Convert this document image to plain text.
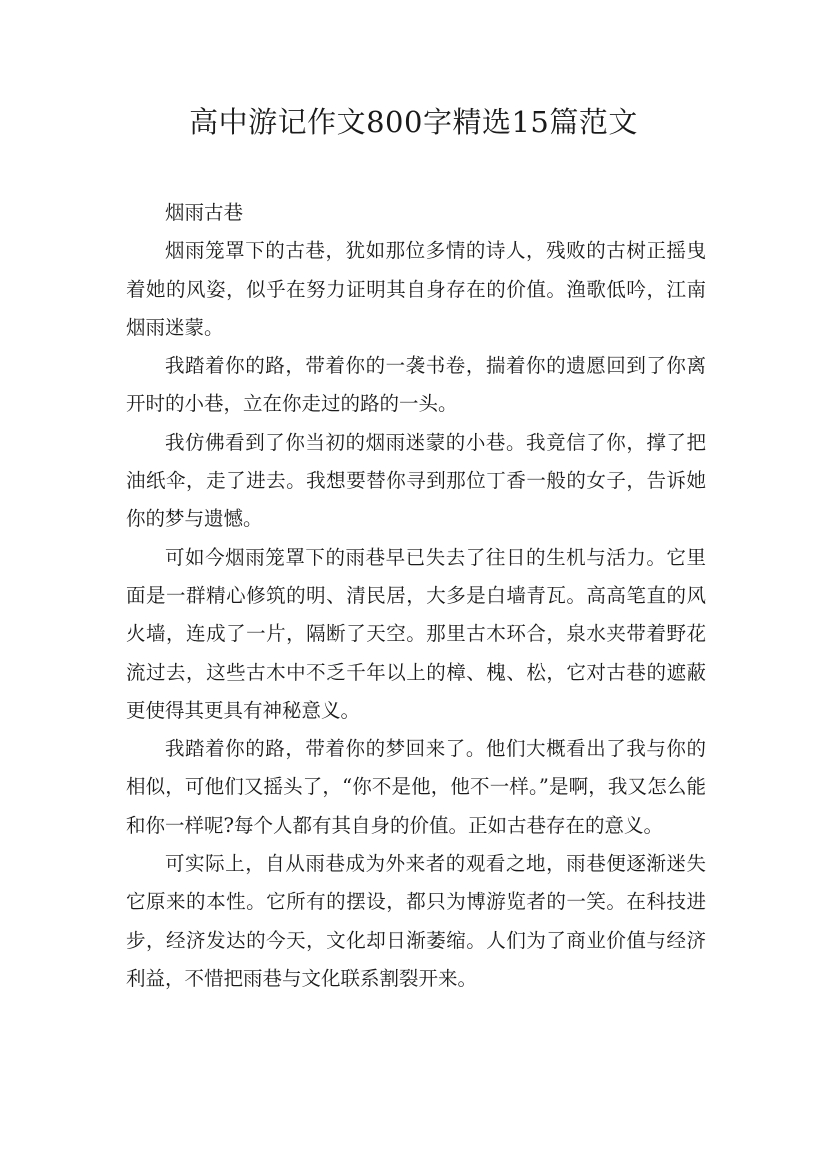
高中游记作文800字精选15篇范文

烟雨古巷

烟雨笼罩下的古巷，犹如那位多情的诗人，残败的古树正摇曳着她的风姿，似乎在努力证明其自身存在的价值。渔歌低吟，江南烟雨迷蒙。

我踏着你的路，带着你的一袭书卷，揣着你的遗愿回到了你离开时的小巷，立在你走过的路的一头。

我仿佛看到了你当初的烟雨迷蒙的小巷。我竟信了你，撑了把油纸伞，走了进去。我想要替你寻到那位丁香一般的女子，告诉她你的梦与遗憾。

可如今烟雨笼罩下的雨巷早已失去了往日的生机与活力。它里面是一群精心修筑的明、清民居，大多是白墙青瓦。高高笔直的风火墙，连成了一片，隔断了天空。那里古木环合，泉水夹带着野花流过去，这些古木中不乏千年以上的樟、槐、松，它对古巷的遮蔽更使得其更具有神秘意义。

我踏着你的路，带着你的梦回来了。他们大概看出了我与你的相似，可他们又摇头了，“你不是他，他不一样。”是啊，我又怎么能和你一样呢?每个人都有其自身的价值。正如古巷存在的意义。

可实际上，自从雨巷成为外来者的观看之地，雨巷便逐渐迷失它原来的本性。它所有的摆设，都只为博游览者的一笑。在科技进步，经济发达的今天，文化却日渐萎缩。人们为了商业价值与经济利益，不惜把雨巷与文化联系割裂开来。
